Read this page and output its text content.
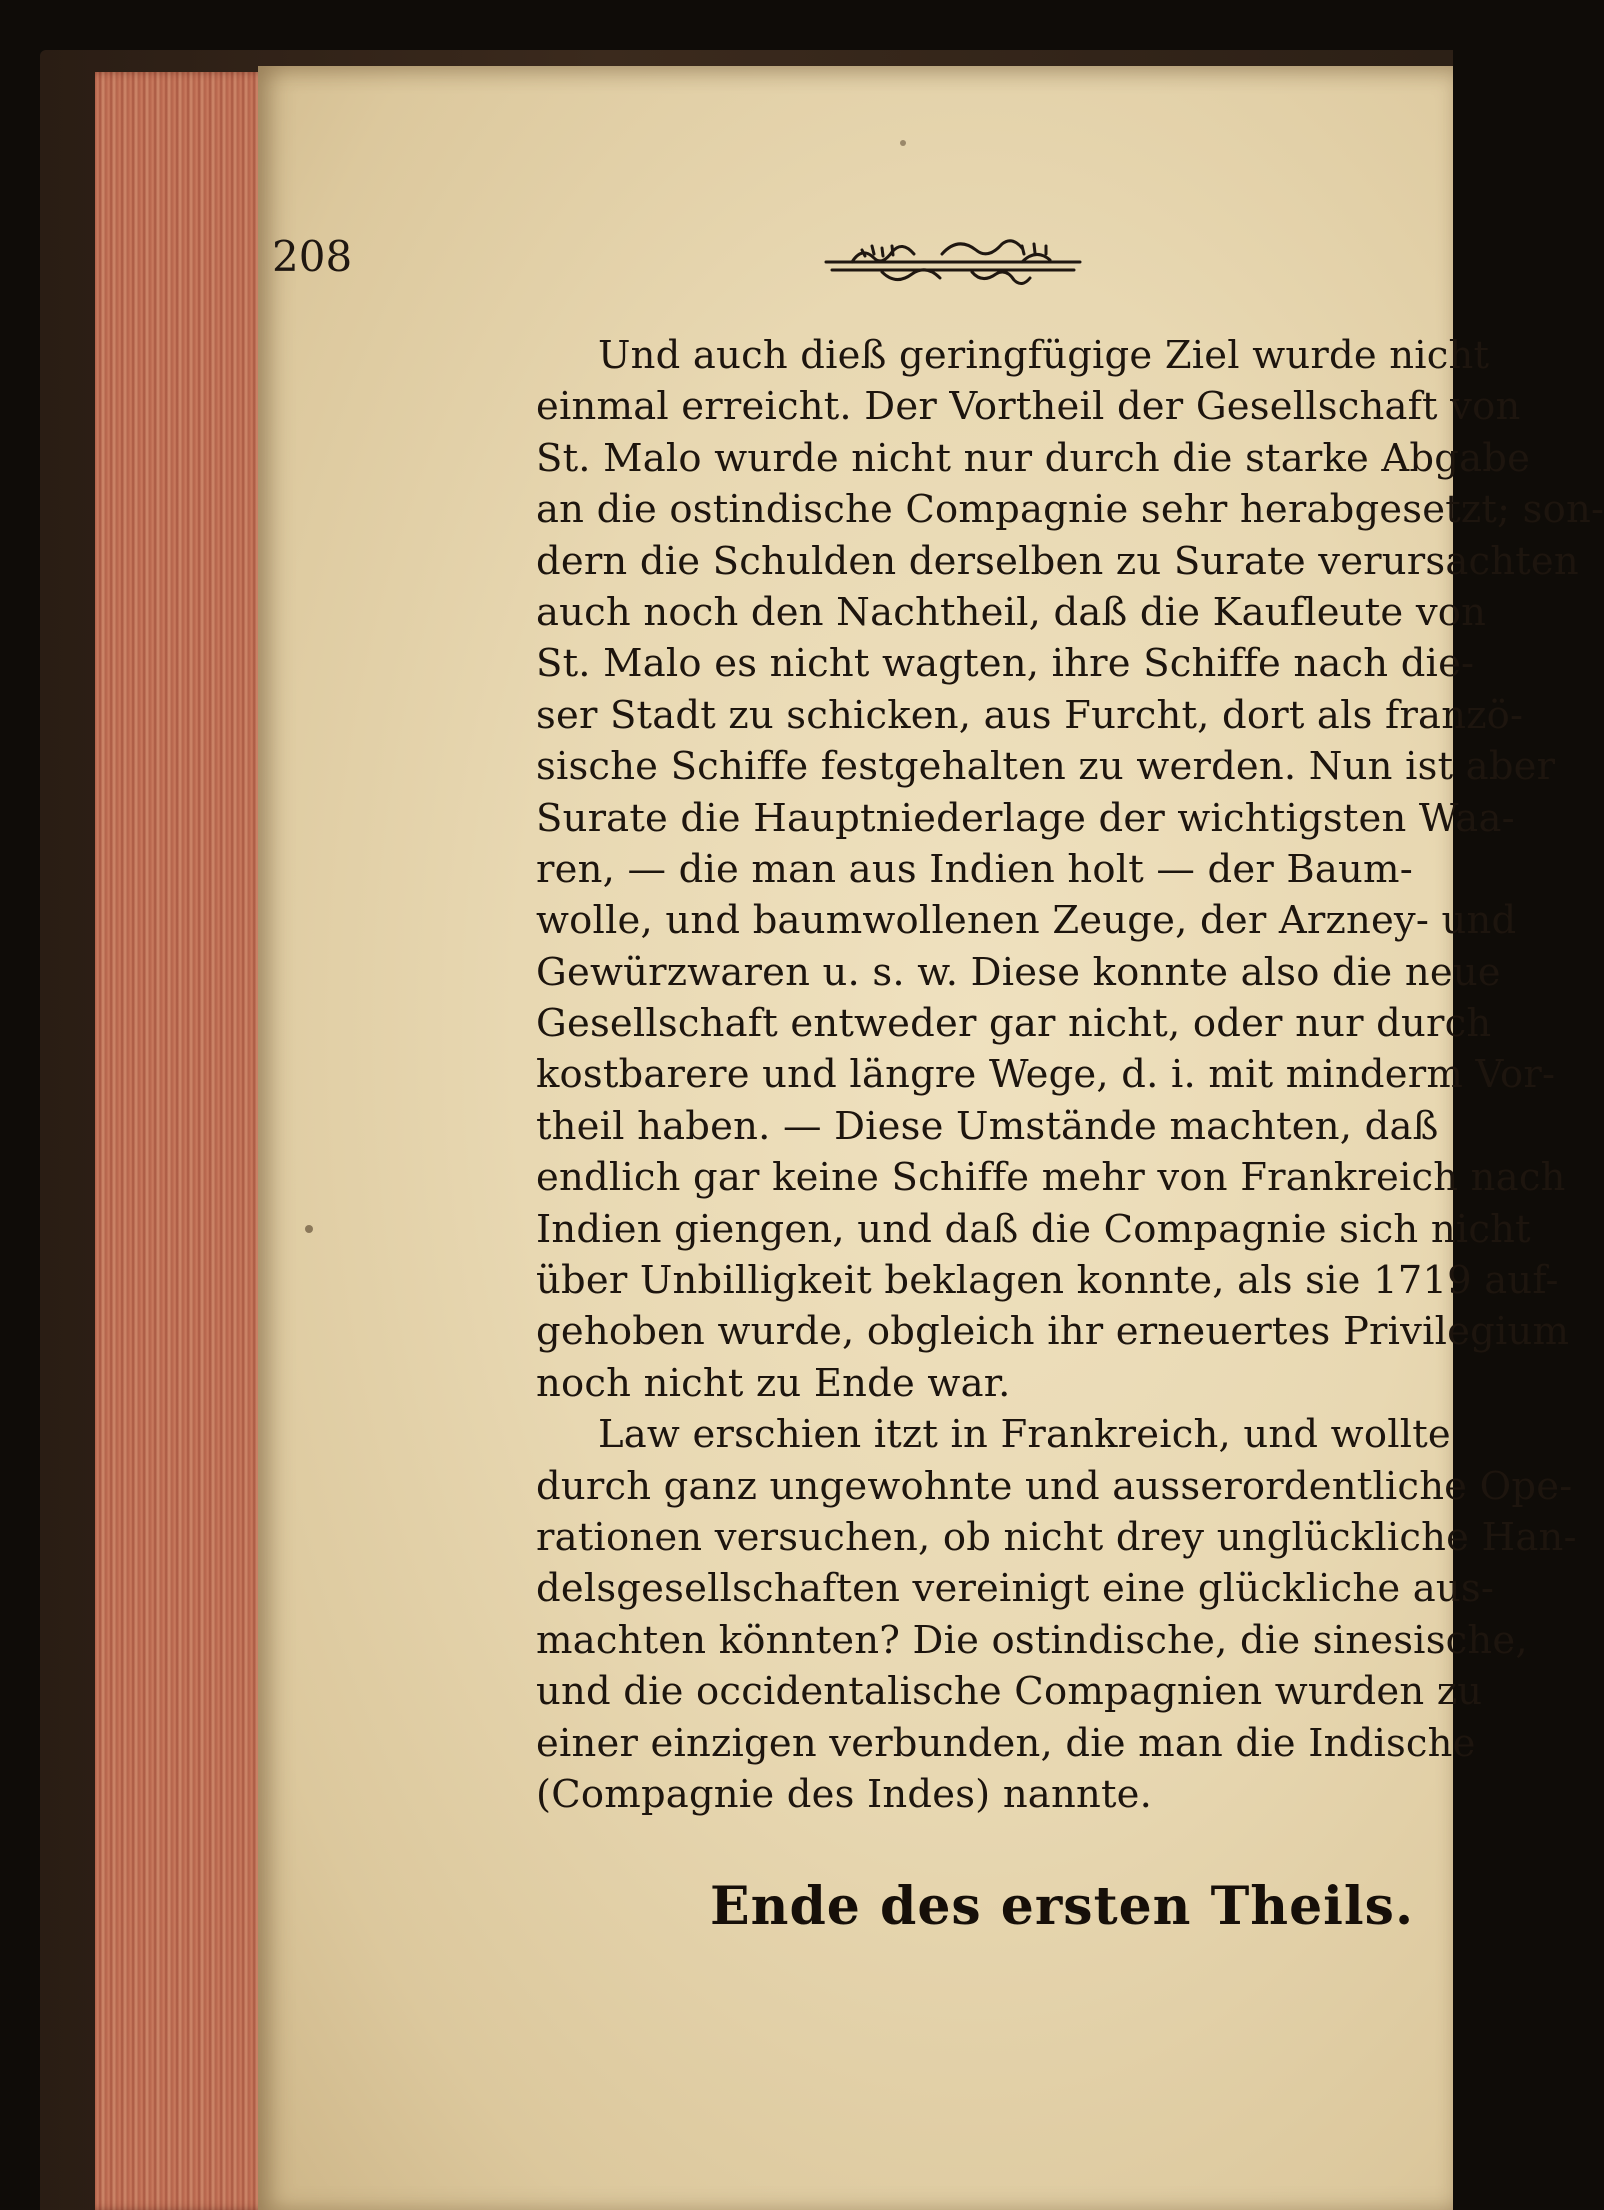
208
Und auch dieß geringfügige Ziel wurde nicht
einmal erreicht. Der Vortheil der Gesellschaft von
St. Malo wurde nicht nur durch die starke Abgabe
an die ostindische Compagnie sehr herabgesetzt; son-
dern die Schulden derselben zu Surate verursachten
auch noch den Nachtheil, daß die Kaufleute von
St. Malo es nicht wagten, ihre Schiffe nach die-
ser Stadt zu schicken, aus Furcht, dort als franzö-
sische Schiffe festgehalten zu werden. Nun ist aber
Surate die Hauptniederlage der wichtigsten Waa-
ren, — die man aus Indien holt — der Baum-
wolle, und baumwollenen Zeuge, der Arzney- und
Gewürzwaren u. s. w. Diese konnte also die neue
Gesellschaft entweder gar nicht, oder nur durch
kostbarere und längre Wege, d. i. mit minderm Vor-
theil haben. — Diese Umstände machten, daß
endlich gar keine Schiffe mehr von Frankreich nach
Indien giengen, und daß die Compagnie sich nicht
über Unbilligkeit beklagen konnte, als sie 1719 auf-
gehoben wurde, obgleich ihr erneuertes Privilegium
noch nicht zu Ende war.
Law erschien itzt in Frankreich, und wollte
durch ganz ungewohnte und ausserordentliche Ope-
rationen versuchen, ob nicht drey unglückliche Han-
delsgesellschaften vereinigt eine glückliche aus-
machten könnten? Die ostindische, die sinesische,
und die occidentalische Compagnien wurden zu
einer einzigen verbunden, die man die Indische
(Compagnie des Indes) nannte.
Ende des ersten Theils.
